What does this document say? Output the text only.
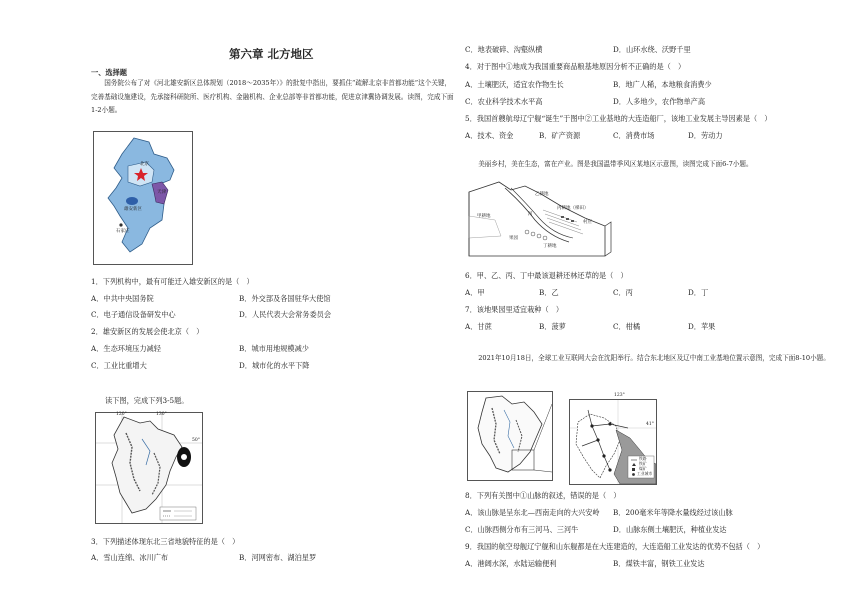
第六章 北方地区
一、选择题
国务院公布了对《河北雄安新区总体规划（2018～2035年）》的批复中指出，要抓住“疏解北京非首都功能”这个关键，完善基础设施建设，先承接科研院所、医疗机构、金融机构、企业总部等非首都功能，促进京津冀协调发展。读图，完成下面1-2小题。
北京
天津
雄安新区
石家庄
1．下列机构中，最有可能迁入雄安新区的是（　）
A．中共中央国务院	B．外交部及各国驻华大使馆
C．电子通信设备研发中心	D．人民代表大会常务委员会
2．雄安新区的发展会使北京（　）
A．生态环境压力减轻	B．城市用地规模减少
C．工业比重增大	D．城市化的水平下降
读下图，完成下列3-5题。
120°	130°
50°
3．下列描述体现东北三省地貌特征的是（　）
A．雪山连绵、冰川广布	B．河网密布、湖泊星罗
C．地表破碎、沟壑纵横	D．山环水绕、沃野千里
4．对于图中①地成为我国重要商品粮基地原因分析不正确的是（　）
A．土壤肥沃，适宜农作物生长	B．地广人稀，本地粮食消费少
C．农业科学技术水平高	D．人多地少，农作物单产高
5．我国首艘航母辽宁舰“诞生”于图中②工业基地的大连造船厂，该地工业发展主导因素是（　）
A．技术、资金	B．矿产资源	C．消费市场	D．劳动力
美丽乡村，美在生态，富在产业。图是我国温带季风区某地区示意图，读图完成下面6-7小题。
乙耕地
甲耕地	河
丙耕地（梯田）
村庄
果园
丁耕地
6．甲、乙、丙、丁中最该退耕还林还草的是（　）
A．甲	B．乙	C．丙	D．丁
7．该地果园里适宜栽种（　）
A．甘蔗	B．菠萝	C．柑橘	D．苹果
2021年10月18日，全球工业互联网大会在沈阳举行。结合东北地区及辽中南工业基地位置示意图，完成下面8-10小题。
123°
41°
铁路
铁矿
煤矿
工业城市
8．下列有关图中①山脉的叙述，错误的是（　）
A．该山脉是呈东北—西南走向的大兴安岭 B．200毫米年等降水量线经过该山脉
C．山脉西侧分布有三河马、三河牛	D．山脉东侧土壤肥沃，种植业发达
9．我国的航空母舰辽宁舰和山东舰都是在大连建造的，大连造船工业发达的优势不包括（　）
A．港阔水深，水陆运输便利	B．煤铁丰富，钢铁工业发达
